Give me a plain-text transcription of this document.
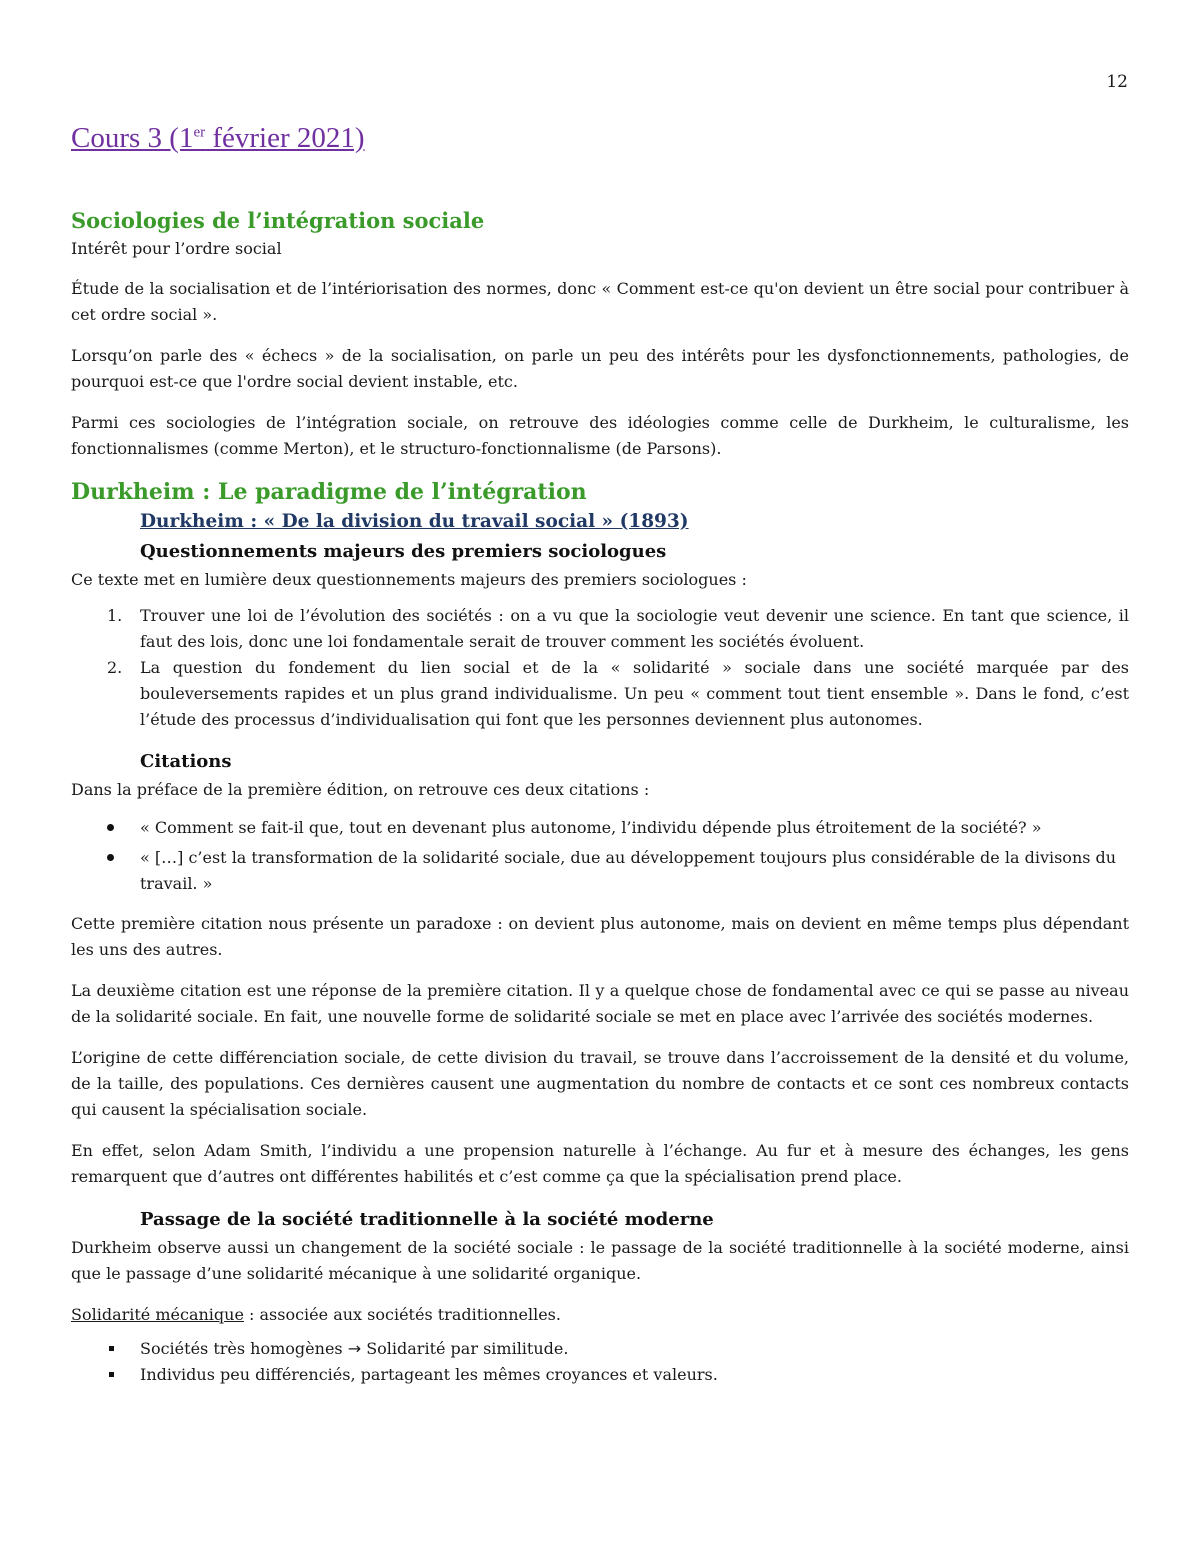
12
Cours 3 (1er février 2021)
Sociologies de l’intégration sociale

Intérêt pour l’ordre social

Étude de la socialisation et de l’intériorisation des normes, donc « Comment est-ce qu'on devient un être social pour contribuer à cet ordre social ».

Lorsqu’on parle des « échecs » de la socialisation, on parle un peu des intérêts pour les dysfonctionnements, pathologies, de pourquoi est-ce que l'ordre social devient instable, etc.

Parmi ces sociologies de l’intégration sociale, on retrouve des idéologies comme celle de Durkheim, le culturalisme, les fonctionnalismes (comme Merton), et le structuro-fonctionnalisme (de Parsons).

Durkheim : Le paradigme de l’intégration
Durkheim : « De la division du travail social » (1893)
Questionnements majeurs des premiers sociologues

Ce texte met en lumière deux questionnements majeurs des premiers sociologues :

1. Trouver une loi de l’évolution des sociétés : on a vu que la sociologie veut devenir une science. En tant que science, il faut des lois, donc une loi fondamentale serait de trouver comment les sociétés évoluent.
2. La question du fondement du lien social et de la « solidarité » sociale dans une société marquée par des bouleversements rapides et un plus grand individualisme. Un peu « comment tout tient ensemble ». Dans le fond, c’est l’étude des processus d’individualisation qui font que les personnes deviennent plus autonomes.
Citations

Dans la préface de la première édition, on retrouve ces deux citations :

« Comment se fait-il que, tout en devenant plus autonome, l’individu dépende plus étroitement de la société? »
« […] c’est la transformation de la solidarité sociale, due au développement toujours plus considérable de la divisons du travail. »

Cette première citation nous présente un paradoxe : on devient plus autonome, mais on devient en même temps plus dépendant les uns des autres.

La deuxième citation est une réponse de la première citation. Il y a quelque chose de fondamental avec ce qui se passe au niveau de la solidarité sociale. En fait, une nouvelle forme de solidarité sociale se met en place avec l’arrivée des sociétés modernes.

L’origine de cette différenciation sociale, de cette division du travail, se trouve dans l’accroissement de la densité et du volume, de la taille, des populations. Ces dernières causent une augmentation du nombre de contacts et ce sont ces nombreux contacts qui causent la spécialisation sociale.

En effet, selon Adam Smith, l’individu a une propension naturelle à l’échange. Au fur et à mesure des échanges, les gens remarquent que d’autres ont différentes habilités et c’est comme ça que la spécialisation prend place.

Passage de la société traditionnelle à la société moderne

Durkheim observe aussi un changement de la société sociale : le passage de la société traditionnelle à la société moderne, ainsi que le passage d’une solidarité mécanique à une solidarité organique.

Solidarité mécanique : associée aux sociétés traditionnelles.

Sociétés très homogènes → Solidarité par similitude.
Individus peu différenciés, partageant les mêmes croyances et valeurs.
